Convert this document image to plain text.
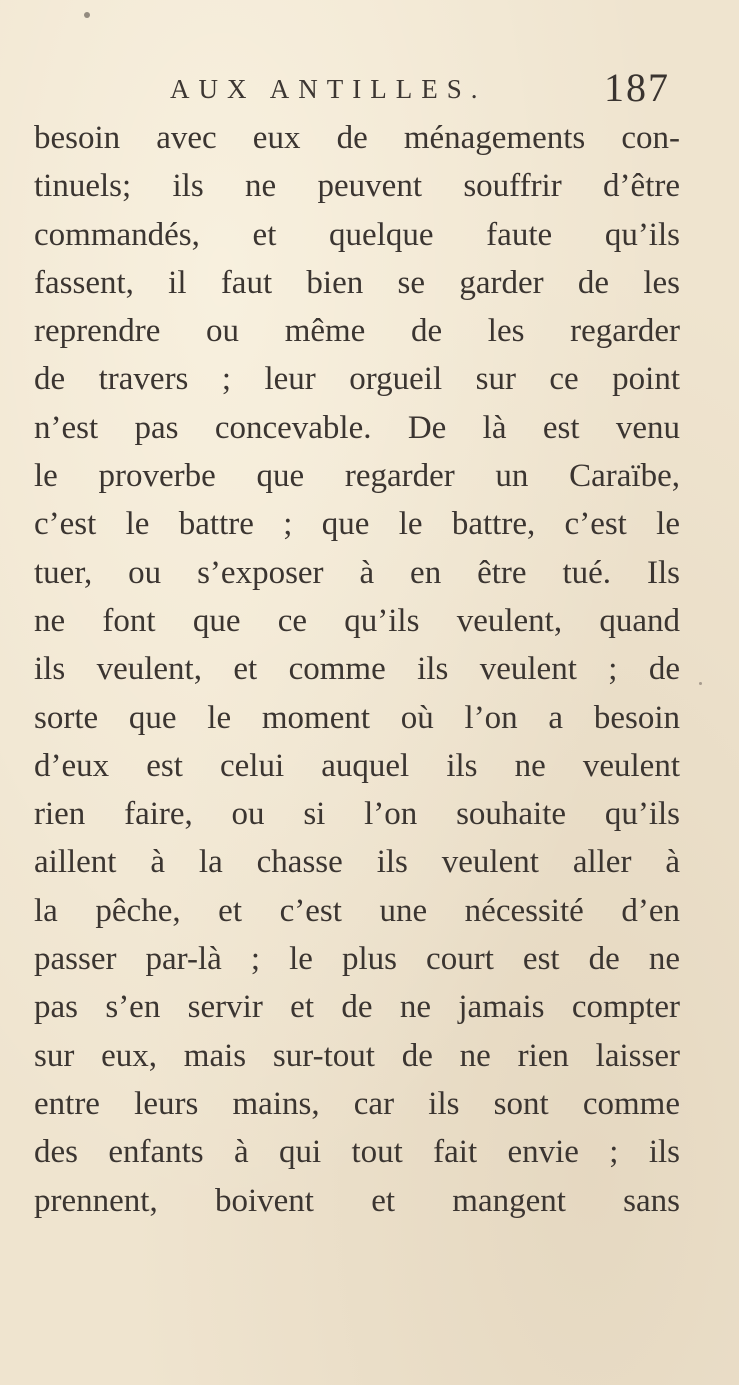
AUX ANTILLES.	187
besoin avec eux de ménagements con-
tinuels; ils ne peuvent souffrir d’être
commandés, et quelque faute qu’ils
fassent, il faut bien se garder de les
reprendre ou même de les regarder
de travers ; leur orgueil sur ce point
n’est pas concevable. De là est venu
le proverbe que regarder un Caraïbe,
c’est le battre ; que le battre, c’est le
tuer, ou s’exposer à en être tué. Ils
ne font que ce qu’ils veulent, quand
ils veulent, et comme ils veulent ; de
sorte que le moment où l’on a besoin
d’eux est celui auquel ils ne veulent
rien faire, ou si l’on souhaite qu’ils
aillent à la chasse ils veulent aller à
la pêche, et c’est une nécessité d’en
passer par-là ; le plus court est de ne
pas s’en servir et de ne jamais compter
sur eux, mais sur-tout de ne rien laisser
entre leurs mains, car ils sont comme
des enfants à qui tout fait envie ; ils
prennent, boivent et mangent sans
